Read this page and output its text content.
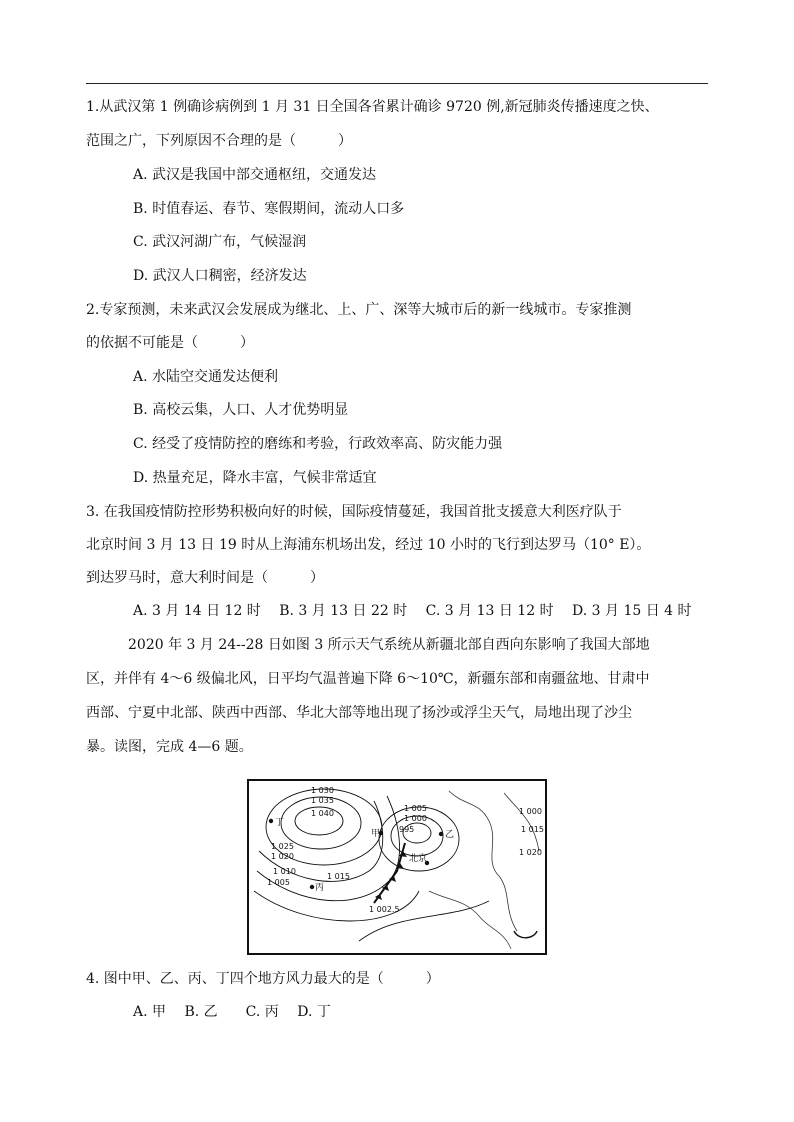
1.从武汉第 1 例确诊病例到 1 月 31 日全国各省累计确诊 9720 例,新冠肺炎传播速度之快、
范围之广，下列原因不合理的是（　　　）
A. 武汉是我国中部交通枢纽，交通发达
B. 时值春运、春节、寒假期间，流动人口多
C. 武汉河湖广布，气候湿润
D. 武汉人口稠密，经济发达
2.专家预测，未来武汉会发展成为继北、上、广、深等大城市后的新一线城市。专家推测
的依据不可能是（　　　）
A. 水陆空交通发达便利
B. 高校云集，人口、人才优势明显
C. 经受了疫情防控的磨练和考验，行政效率高、防灾能力强
D. 热量充足，降水丰富，气候非常适宜
3. 在我国疫情防控形势积极向好的时候，国际疫情蔓延，我国首批支援意大利医疗队于
北京时间 3 月 13 日 19 时从上海浦东机场出发，经过 10 小时的飞行到达罗马（10° E）。
到达罗马时，意大利时间是（　　　）
A. 3 月 14 日 12 时　 B. 3 月 13 日 22 时　 C. 3 月 13 日 12 时　 D. 3 月 15 日 4 时
2020 年 3 月 24--28 日如图 3 所示天气系统从新疆北部自西向东影响了我国大部地
区，并伴有 4～6 级偏北风，日平均气温普遍下降 6～10℃，新疆东部和南疆盆地、甘肃中
西部、宁夏中北部、陕西中西部、华北大部等地出现了扬沙或浮尘天气，局地出现了沙尘
暴。读图，完成 4—6 题。
1 030
1 035
1 040
1 025
1 020
1 010
1 005
1 015
1 005
1 000
995
1 000
1 015
1 020
1 002.5
甲	乙
丙
丁
北京
4. 图中甲、乙、丙、丁四个地方风力最大的是（　　　）
A. 甲　 B. 乙　　C. 丙　 D. 丁
